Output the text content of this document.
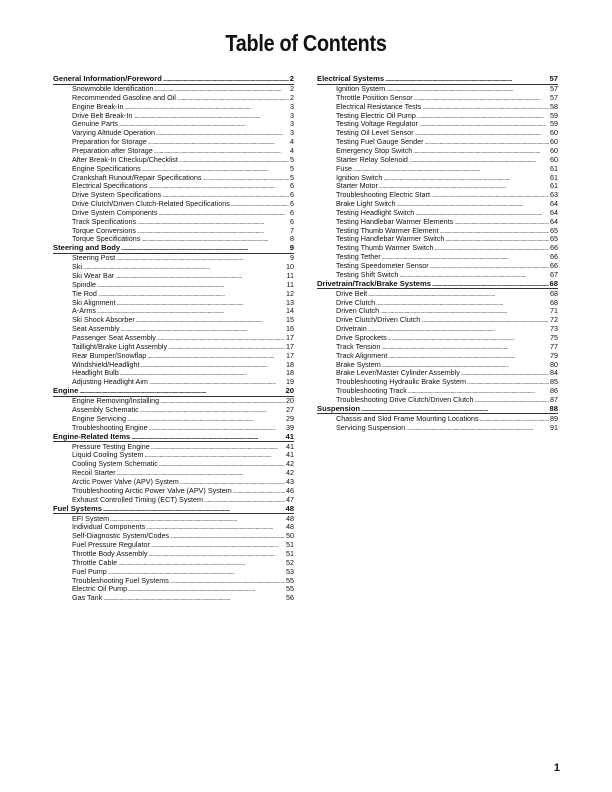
Table of Contents
General Information/Foreword . . .	2
Snowmobile Identification . . .	2
Recommended Gasoline and Oil . . .	2
Engine Break-In . . .	3
Drive Belt Break-In . . .	3
Genuine Parts . . .	3
Varying Altitude Operation . . .	3
Preparation for Storage . . .	4
Preparation after Storage . . .	4
After Break-In Checkup/Checklist . . .	5
Engine Specifications . . .	5
Crankshaft Runout/Repair Specifications . . .	5
Electrical Specifications . . .	6
Drive System Specifications . . .	6
Drive Clutch/Driven Clutch-Related Specifications . . .	6
Drive System Components . . .	6
Track Specifications . . .	6
Torque Conversions . . .	7
Torque Specifications . . .	8
Steering and Body . . .	9
Steering Post . . .	9
Ski . . .	10
Ski Wear Bar . . .	11
Spindle . . .	11
Tie Rod . . .	12
Ski Alignment . . .	13
A-Arms . . .	14
Ski Shock Absorber . . .	15
Seat Assembly . . .	16
Passenger Seat Assembly . . .	17
Taillight/Brake Light Assembly . . .	17
Rear Bumper/Snowflap . . .	17
Windshield/Headlight . . .	18
Headlight Bulb . . .	18
Adjusting Headlight Aim . . .	19
Engine . . .	20
Engine Removing/Installing . . .	20
Assembly Schematic . . .	27
Engine Servicing . . .	29
Troubleshooting Engine . . .	39
Engine-Related Items . . .	41
Pressure Testing Engine . . .	41
Liquid Cooling System . . .	41
Cooling System Schematic . . .	42
Recoil Starter . . .	42
Arctic Power Valve (APV) System . . .	43
Troubleshooting Arctic Power Valve (APV) System . . .	46
Exhaust Controlled Timing (ECT) System . . .	47
Fuel Systems . . .	48
EFI System . . .	48
Individual Components . . .	48
Self-Diagnostic System/Codes . . .	50
Fuel Pressure Regulator . . .	51
Throttle Body Assembly . . .	51
Throttle Cable . . .	52
Fuel Pump . . .	53
Troubleshooting Fuel Systems . . .	55
Electric Oil Pump . . .	55
Gas Tank . . .	56
Electrical Systems . . .	57
Ignition System . . .	57
Throttle Position Sensor . . .	57
Electrical Resistance Tests . . .	58
Testing Electric Oil Pump . . .	59
Testing Voltage Regulator . . .	59
Testing Oil Level Sensor . . .	60
Testing Fuel Gauge Sender . . .	60
Emergency Stop Switch . . .	60
Starter Relay Solenoid . . .	60
Fuse . . .	61
Ignition Switch . . .	61
Starter Motor . . .	61
Troubleshooting Electric Start . . .	63
Brake Light Switch . . .	64
Testing Headlight Switch . . .	64
Testing Handlebar Warmer Elements . . .	64
Testing Thumb Warmer Element . . .	65
Testing Handlebar Warmer Switch . . .	65
Testing Thumb Warmer Switch . . .	66
Testing Tether . . .	66
Testing Speedometer Sensor . . .	66
Testing Shift Switch . . .	67
Drivetrain/Track/Brake Systems . . .	68
Drive Belt . . .	68
Drive Clutch . . .	68
Driven Clutch . . .	71
Drive Clutch/Driven Clutch . . .	72
Drivetrain . . .	73
Drive Sprockets . . .	75
Track Tension . . .	77
Track Alignment . . .	79
Brake System . . .	80
Brake Lever/Master Cylinder Assembly . . .	84
Troubleshooting Hydraulic Brake System . . .	85
Troubleshooting Track . . .	86
Troubleshooting Drive Clutch/Driven Clutch . . .	87
Suspension . . .	88
Chassis and Skid Frame Mounting Locations . . .	89
Servicing Suspension . . .	91
1
